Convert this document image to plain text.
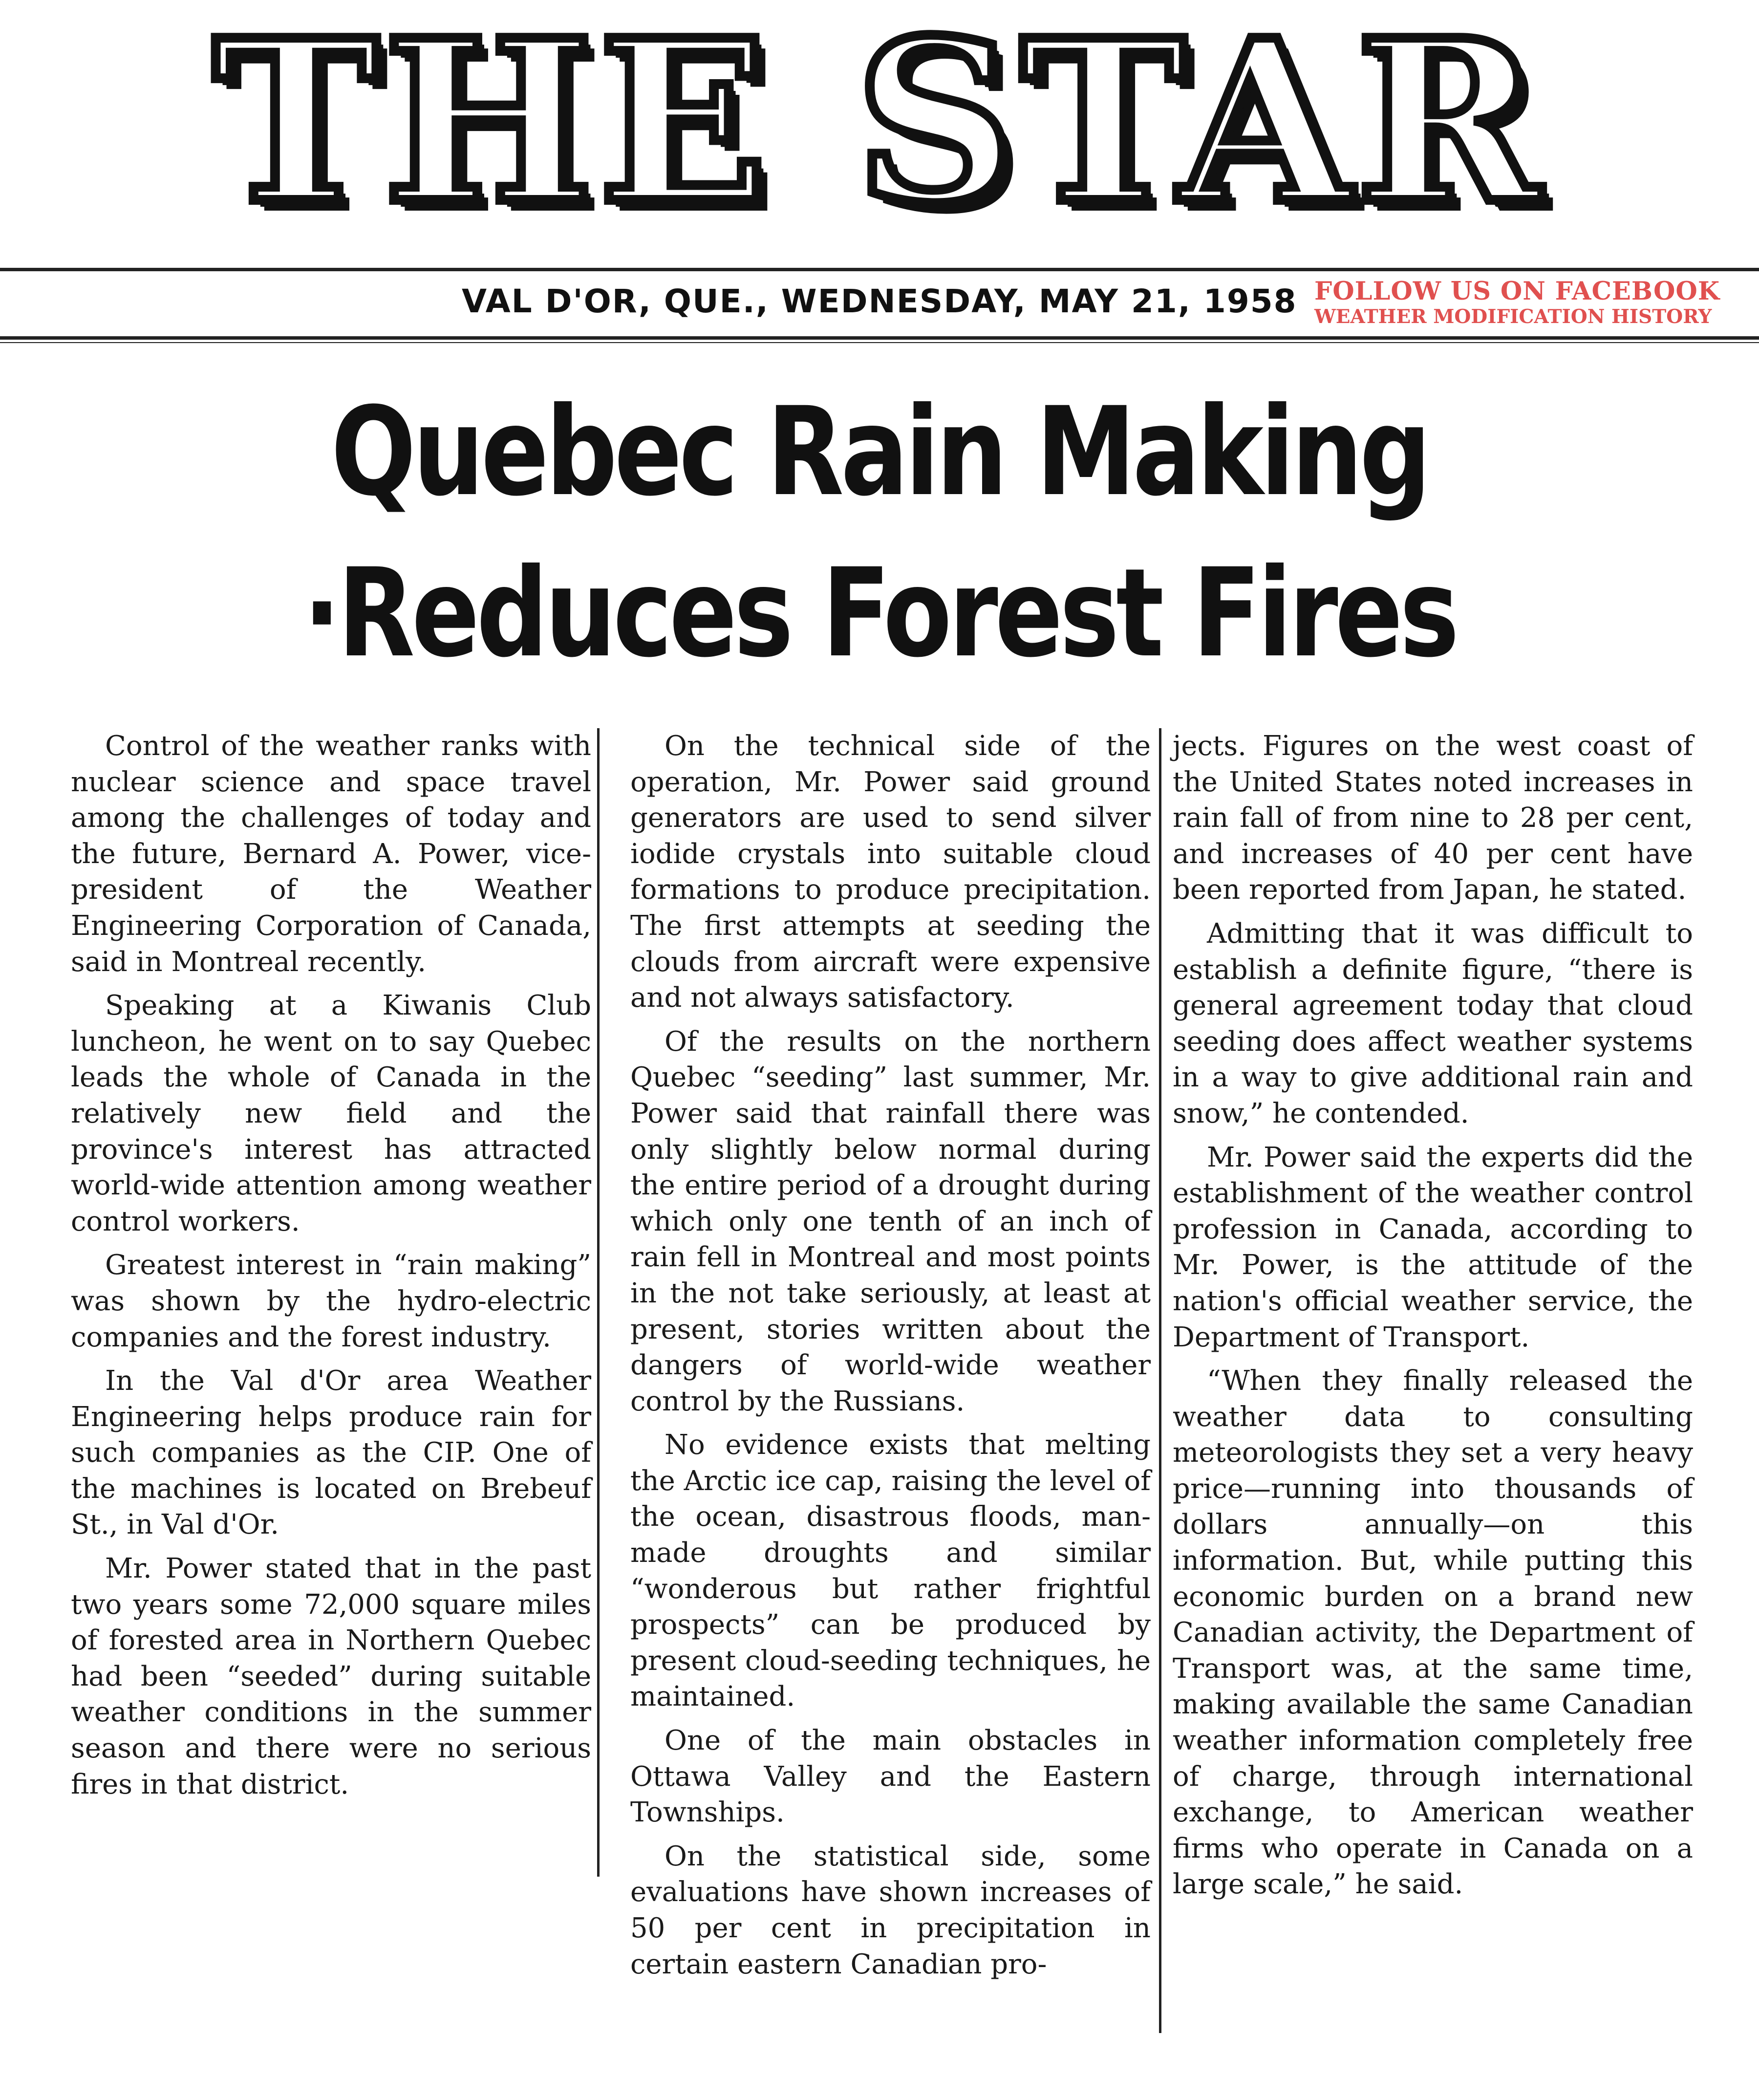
THE STAR
VAL D'OR, QUE., WEDNESDAY, MAY 21, 1958 FOLLOW US ON FACEBOOK
WEATHER MODIFICATION HISTORY
Quebec Rain Making
·Reduces Forest Fires

Control of the weather ranks with nuclear science and space travel among the challenges of today and the future, Bernard A. Power, vice-president of the Weather Engineering Corporation of Canada, said in Montreal recently.

Speaking at a Kiwanis Club luncheon, he went on to say Quebec leads the whole of Canada in the relatively new field and the province's interest has attracted world-wide attention among weather control workers.

Greatest interest in “rain making” was shown by the hydro-electric companies and the forest industry.

In the Val d'Or area Weather Engineering helps produce rain for such companies as the CIP. One of the machines is located on Brebeuf St., in Val d'Or.

Mr. Power stated that in the past two years some 72,000 square miles of forested area in Northern Quebec had been “seeded” during suitable weather conditions in the summer season and there were no serious fires in that district.

On the technical side of the operation, Mr. Power said ground generators are used to send silver iodide crystals into suitable cloud formations to produce precipitation. The first attempts at seeding the clouds from aircraft were expensive and not always satisfactory.

Of the results on the northern Quebec “seeding” last summer, Mr. Power said that rainfall there was only slightly below normal during the entire period of a drought during which only one tenth of an inch of rain fell in Montreal and most points in the not take seriously, at least at present, stories written about the dangers of world-wide weather control by the Russians.

No evidence exists that melting the Arctic ice cap, raising the level of the ocean, disastrous floods, man-made droughts and similar “wonderous but rather frightful prospects” can be produced by present cloud-seeding techniques, he maintained.

One of the main obstacles in Ottawa Valley and the Eastern Townships.

On the statistical side, some evaluations have shown increases of 50 per cent in precipitation in certain eastern Canadian pro-

jects. Figures on the west coast of the United States noted increases in rain fall of from nine to 28 per cent, and increases of 40 per cent have been reported from Japan, he stated.

Admitting that it was difficult to establish a definite figure, “there is general agreement today that cloud seeding does affect weather systems in a way to give additional rain and snow,” he contended.

Mr. Power said the experts did the establishment of the weather control profession in Canada, according to Mr. Power, is the attitude of the nation's official weather service, the Department of Transport.

“When they finally released the weather data to consulting meteorologists they set a very heavy price—running into thousands of dollars annually—on this information. But, while putting this economic burden on a brand new Canadian activity, the Department of Transport was, at the same time, making available the same Canadian weather information completely free of charge, through international exchange, to American weather firms who operate in Canada on a large scale,” he said.
